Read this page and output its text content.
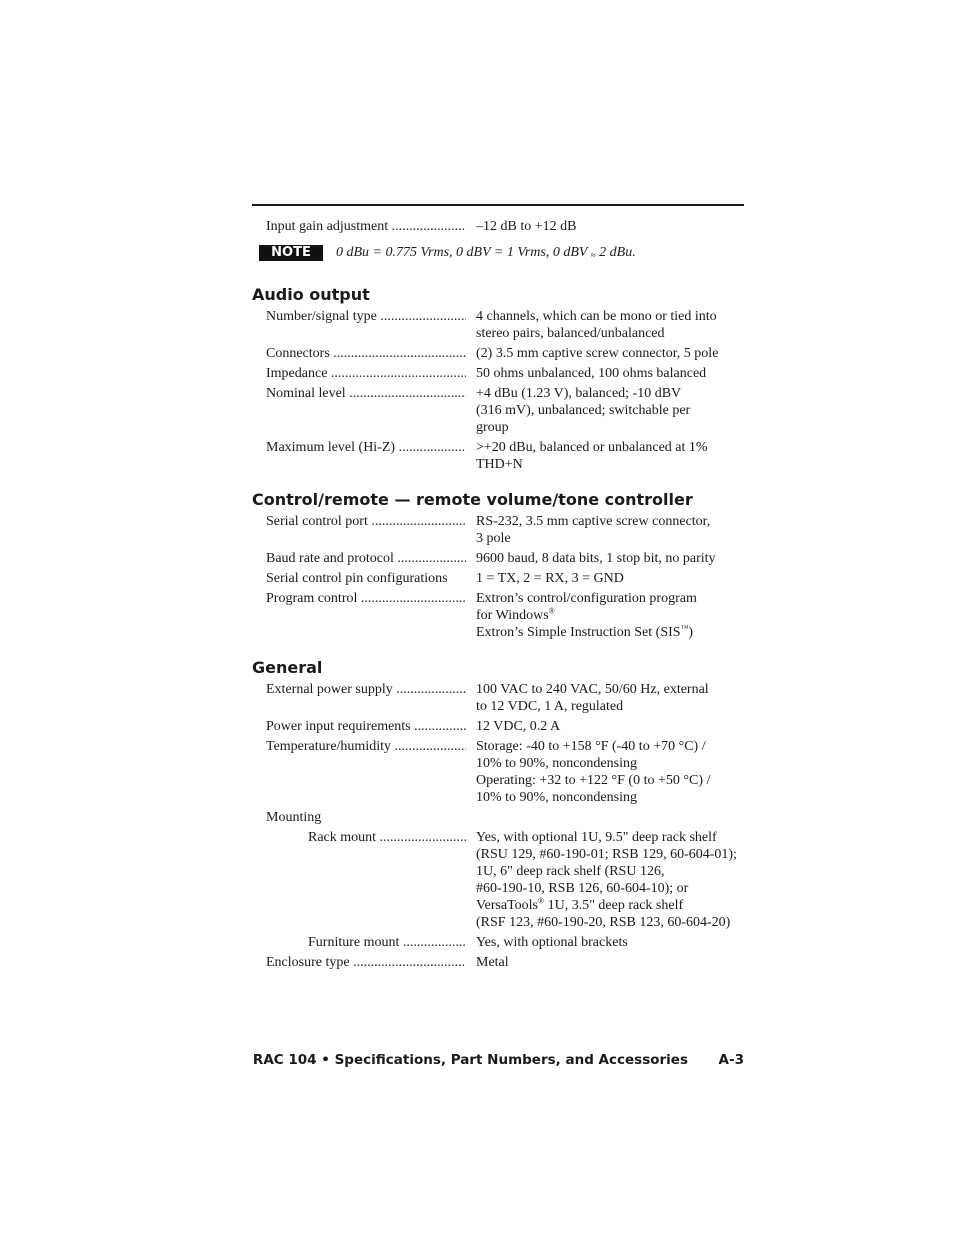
Input gain adjustment .....	–12 dB to +12 dB
NOTE	0 dBu = 0.775 Vrms, 0 dBV = 1 Vrms, 0 dBV ≈ 2 dBu.
Audio output
Number/signal type .....	4 channels, which can be mono or tied into
stereo pairs, balanced/unbalanced
Connectors .....	(2) 3.5 mm captive screw connector, 5 pole
Impedance .....	50 ohms unbalanced, 100 ohms balanced
Nominal level .....	+4 dBu (1.23 V), balanced; -10 dBV
(316 mV), unbalanced; switchable per
group
Maximum level (Hi-Z) .....	>+20 dBu, balanced or unbalanced at 1%
THD+N
Control/remote — remote volume/tone controller
Serial control port .....	RS-232, 3.5 mm captive screw connector,
3 pole
Baud rate and protocol .....	9600 baud, 8 data bits, 1 stop bit, no parity
Serial control pin configurations	1 = TX, 2 = RX, 3 = GND
Program control .....	Extron’s control/configuration program
for Windows®
Extron’s Simple Instruction Set (SIS™)
General
External power supply .....	100 VAC to 240 VAC, 50/60 Hz, external
to 12 VDC, 1 A, regulated
Power input requirements .....	12 VDC, 0.2 A
Temperature/humidity .....	Storage: -40 to +158 °F (-40 to +70 °C) /
10% to 90%, noncondensing
Operating: +32 to +122 °F (0 to +50 °C) /
10% to 90%, noncondensing
Mounting

Rack mount .....	Yes, with optional 1U, 9.5" deep rack shelf
(RSU 129, #60-190-01; RSB 129, 60-604-01);
1U, 6" deep rack shelf (RSU 126,
#60-190-10, RSB 126, 60-604-10); or
VersaTools® 1U, 3.5" deep rack shelf
(RSF 123, #60-190-20, RSB 123, 60-604-20)
Furniture mount .....	Yes, with optional brackets
Enclosure type .....	Metal
RAC 104 • Specifications, Part Numbers, and Accessories A-3
